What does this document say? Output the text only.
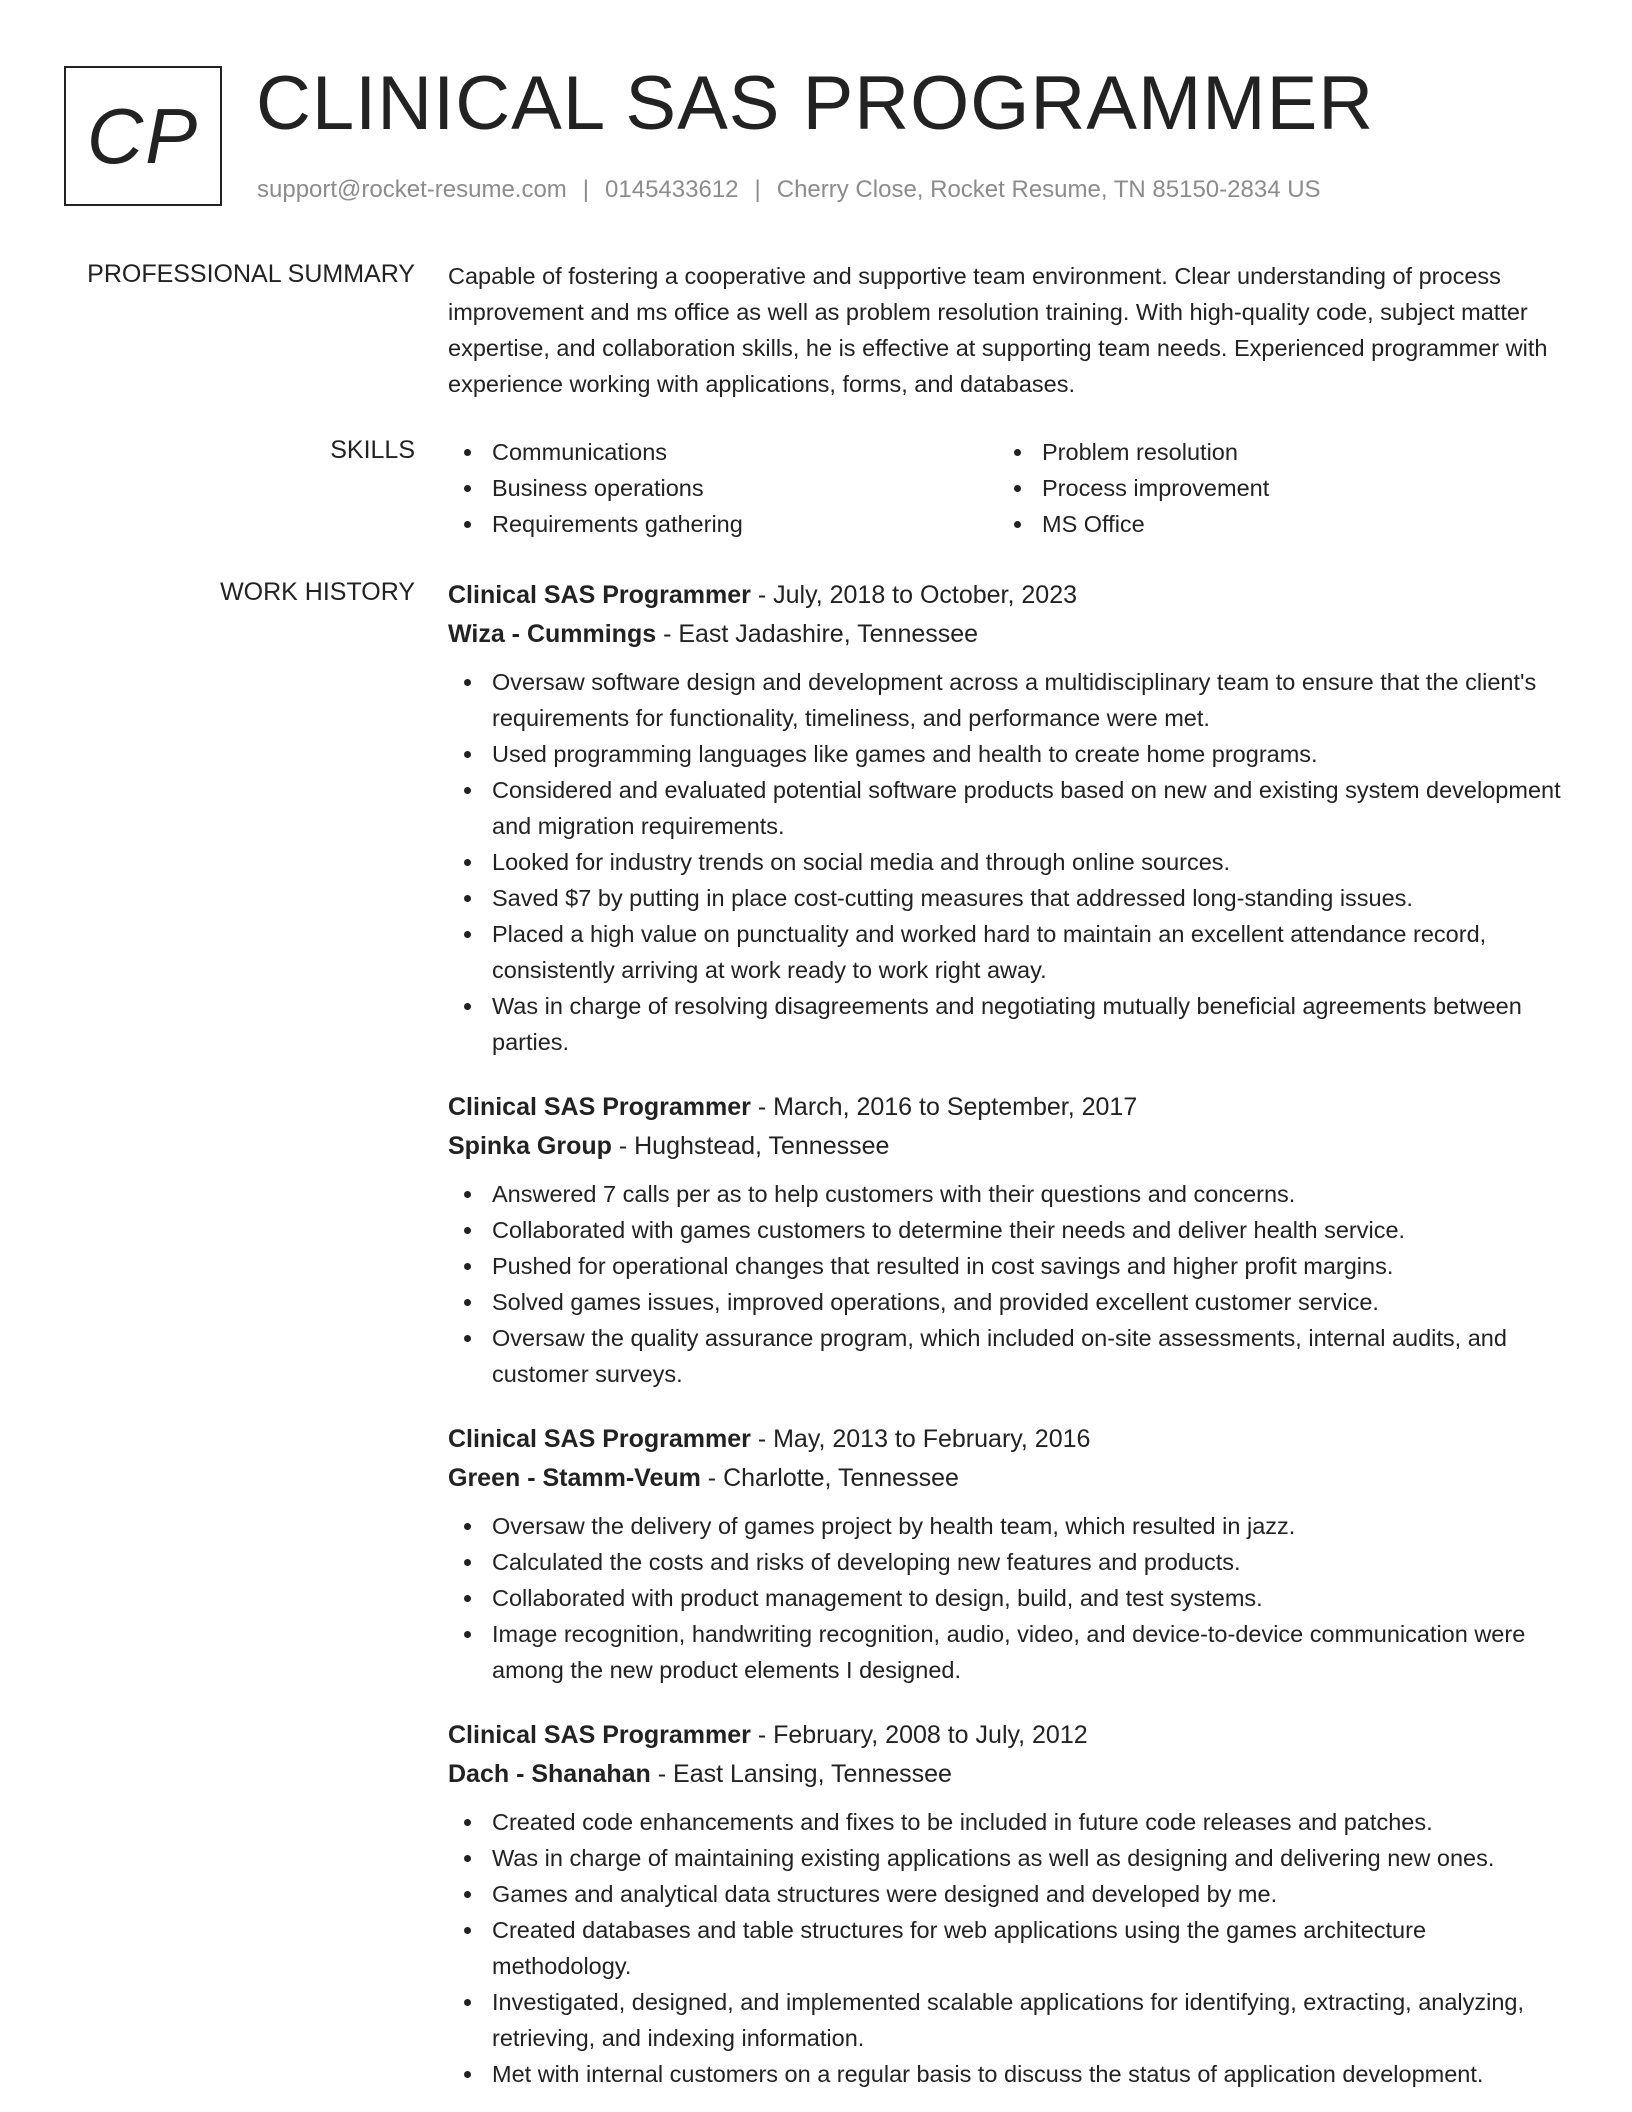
CP CLINICAL SAS PROGRAMMER
support@rocket-resume.com | 0145433612 | Cherry Close, Rocket Resume, TN 85150-2834 US
PROFESSIONAL SUMMARY Capable of fostering a cooperative and supportive team environment. Clear understanding of process improvement and ms office as well as problem resolution training. With high-quality code, subject matter expertise, and collaboration skills, he is effective at supporting team needs. Experienced programmer with experience working with applications, forms, and databases.

SKILLS	Communications
Business operations
Requirements gathering
Problem resolution
Process improvement
MS Office
WORK HISTORY Clinical SAS Programmer - July, 2018 to October, 2023
Wiza - Cummings - East Jadashire, Tennessee
Oversaw software design and development across a multidisciplinary team to ensure that the client's requirements for functionality, timeliness, and performance were met.
Used programming languages like games and health to create home programs.
Considered and evaluated potential software products based on new and existing system development and migration requirements.
Looked for industry trends on social media and through online sources.
Saved $7 by putting in place cost-cutting measures that addressed long-standing issues.
Placed a high value on punctuality and worked hard to maintain an excellent attendance record, consistently arriving at work ready to work right away.
Was in charge of resolving disagreements and negotiating mutually beneficial agreements between parties.
Clinical SAS Programmer - March, 2016 to September, 2017
Spinka Group - Hughstead, Tennessee
Answered 7 calls per as to help customers with their questions and concerns.
Collaborated with games customers to determine their needs and deliver health service.
Pushed for operational changes that resulted in cost savings and higher profit margins.
Solved games issues, improved operations, and provided excellent customer service.
Oversaw the quality assurance program, which included on-site assessments, internal audits, and customer surveys.
Clinical SAS Programmer - May, 2013 to February, 2016
Green - Stamm-Veum - Charlotte, Tennessee
Oversaw the delivery of games project by health team, which resulted in jazz.
Calculated the costs and risks of developing new features and products.
Collaborated with product management to design, build, and test systems.
Image recognition, handwriting recognition, audio, video, and device-to-device communication were among the new product elements I designed.
Clinical SAS Programmer - February, 2008 to July, 2012
Dach - Shanahan - East Lansing, Tennessee
Created code enhancements and fixes to be included in future code releases and patches.
Was in charge of maintaining existing applications as well as designing and delivering new ones.
Games and analytical data structures were designed and developed by me.
Created databases and table structures for web applications using the games architecture methodology.
Investigated, designed, and implemented scalable applications for identifying, extracting, analyzing, retrieving, and indexing information.
Met with internal customers on a regular basis to discuss the status of application development.
